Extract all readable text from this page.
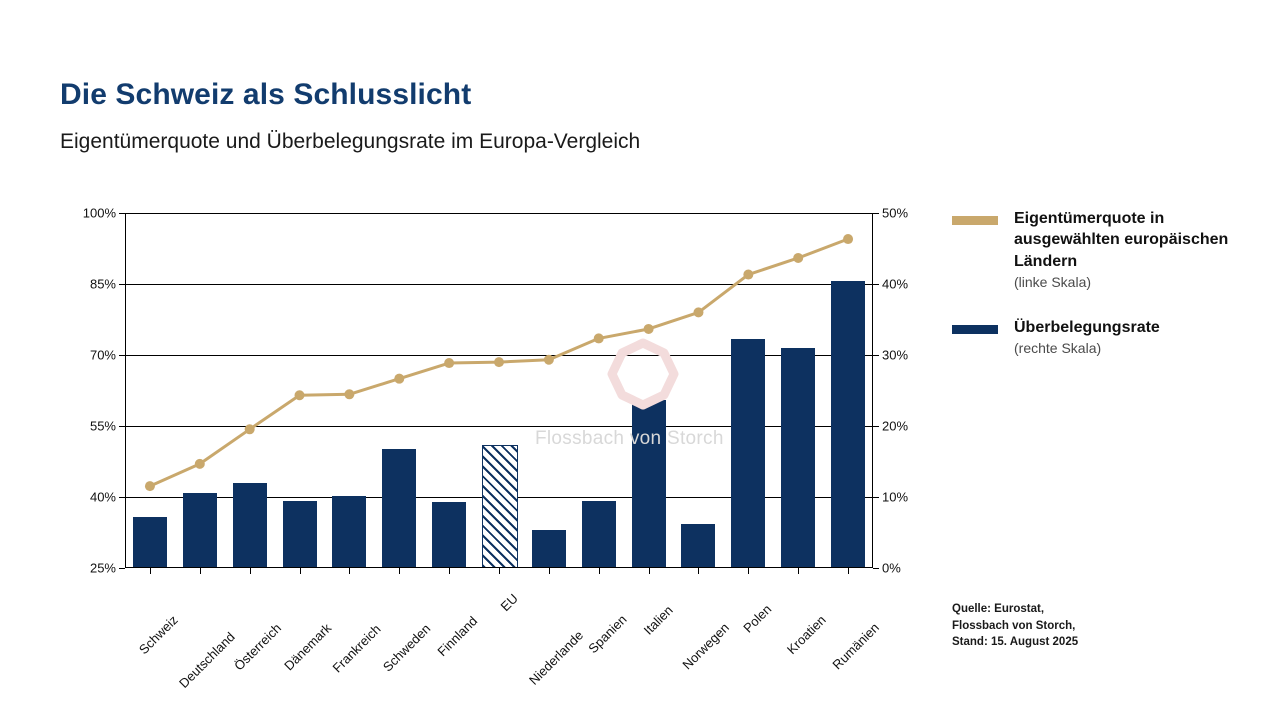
Die Schweiz als Schlusslicht
Eigentümerquote und Überbelegungsrate im Europa-Vergleich
100%
85%
70%
55%
40%
25%
50%
40%
30%
20%
10%
0%
Schweiz
Deutschland
Österreich
Dänemark
Frankreich
Schweden Finnland
EU
Niederlande
Spanien Italien Norwegen
Polen Kroatien Rumänien
Flossbach von Storch
Eigentümerquote in ausgewählten europäischen Ländern
(linke Skala)
Überbelegungsrate
(rechte Skala)
Quelle: Eurostat,
Flossbach von Storch,
Stand: 15. August 2025
